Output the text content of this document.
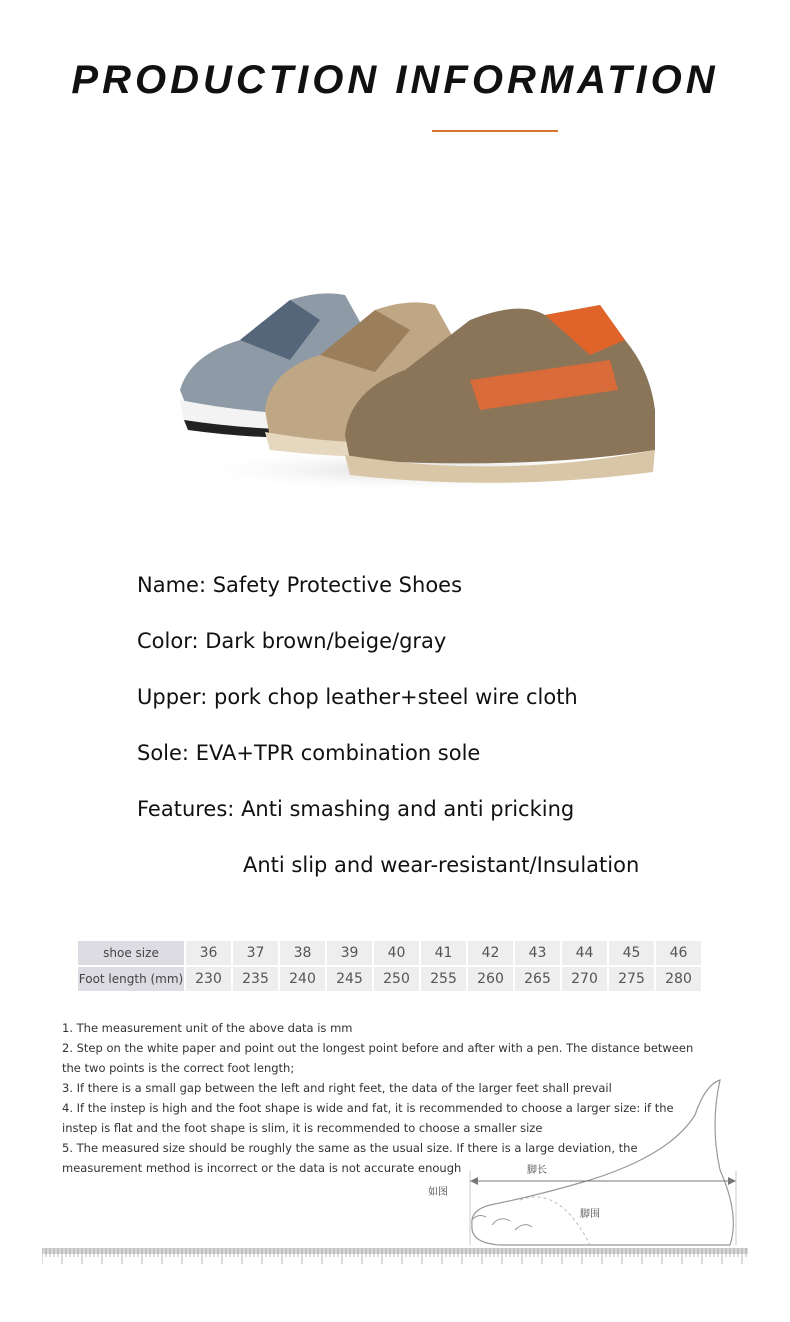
PRODUCTION INFORMATION
Name: Safety Protective Shoes
Color: Dark brown/beige/gray
Upper: pork chop leather+steel wire cloth
Sole: EVA+TPR combination sole
Features: Anti smashing and anti pricking
Anti slip and wear-resistant/Insulation
shoe size	36	37	38	39	40	41	42	43	44	45	46
Foot length (mm)	230	235	240	245	250	255	260	265	270	275	280
1. The measurement unit of the above data is mm
2. Step on the white paper and point out the longest point before and after with a pen. The distance between the two points is the correct foot length;
3. If there is a small gap between the left and right feet, the data of the larger feet shall prevail
4. If the instep is high and the foot shape is wide and fat, it is recommended to choose a larger size: if the instep is flat and the foot shape is slim, it is recommended to choose a smaller size
5. The measured size should be roughly the same as the usual size. If there is a large deviation, the measurement method is incorrect or the data is not accurate enough	脚长
如图
脚围
